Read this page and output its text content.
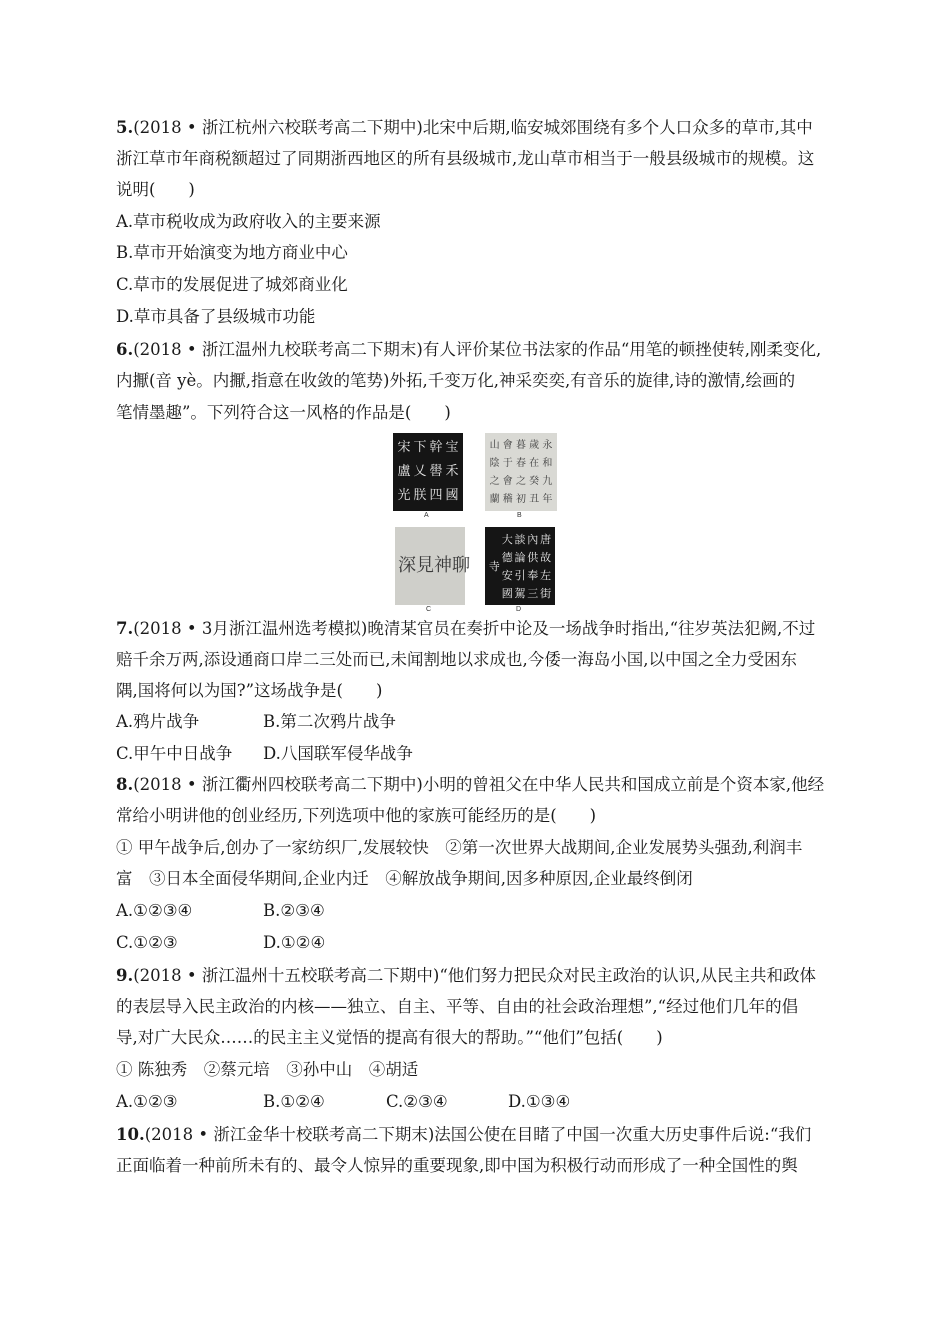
5.(2018 • 浙江杭州六校联考高二下期中)北宋中后期,临安城郊围绕有多个人口众多的草市,其中
浙江草市年商税额超过了同期浙西地区的所有县级城市,龙山草市相当于一般县级城市的规模。这
说明(　　)
A.草市税收成为政府收入的主要来源
B.草市开始演变为地方商业中心
C.草市的发展促进了城郊商业化
D.草市具备了县级城市功能
6.(2018 • 浙江温州九校联考高二下期末)有人评价某位书法家的作品“用笔的顿挫使转,刚柔变化,
内擫(音 yè。内擫,指意在收敛的笔势)外拓,千变万化,神采奕奕,有音乐的旋律,诗的激情,绘画的
笔情墨趣”。下列符合这一风格的作品是(　　)
宝
禾
國
幹
嚳
四
下
乂
朕
宋
盧
光
A
永
和
九
年
歲
在
癸
丑
暮
春
之
初
會
于
會
稽
山
陰
之
蘭
B
聊
神
見
深
C
唐
故
左
街
內
供
奉
三
談
論
引
駕
大
德
安
國
寺
D
7.(2018 • 3月浙江温州选考模拟)晚清某官员在奏折中论及一场战争时指出,“往岁英法犯阙,不过
赔千余万两,添设通商口岸二三处而已,未闻割地以求成也,今倭一海岛小国,以中国之全力受困东
隅,国将何以为国?”这场战争是(　　)
A.鸦片战争	B.第二次鸦片战争
C.甲午中日战争 D.八国联军侵华战争
8.(2018 • 浙江衢州四校联考高二下期中)小明的曾祖父在中华人民共和国成立前是个资本家,他经
常给小明讲他的创业经历,下列选项中他的家族可能经历的是(　　)
① 甲午战争后,创办了一家纺织厂,发展较快　②第一次世界大战期间,企业发展势头强劲,利润丰
富　③日本全面侵华期间,企业内迁　④解放战争期间,因多种原因,企业最终倒闭
A.①②③④	B.②③④
C.①②③	D.①②④
9.(2018 • 浙江温州十五校联考高二下期中)“他们努力把民众对民主政治的认识,从民主共和政体
的表层导入民主政治的内核——独立、自主、平等、自由的社会政治理想”,“经过他们几年的倡
导,对广大民众……的民主主义觉悟的提高有很大的帮助。”“他们”包括(　　)
① 陈独秀　②蔡元培　③孙中山　④胡适
A.①②③	B.①②④	C.②③④	D.①③④
10.(2018 • 浙江金华十校联考高二下期末)法国公使在目睹了中国一次重大历史事件后说:“我们
正面临着一种前所未有的、最令人惊异的重要现象,即中国为积极行动而形成了一种全国性的舆
